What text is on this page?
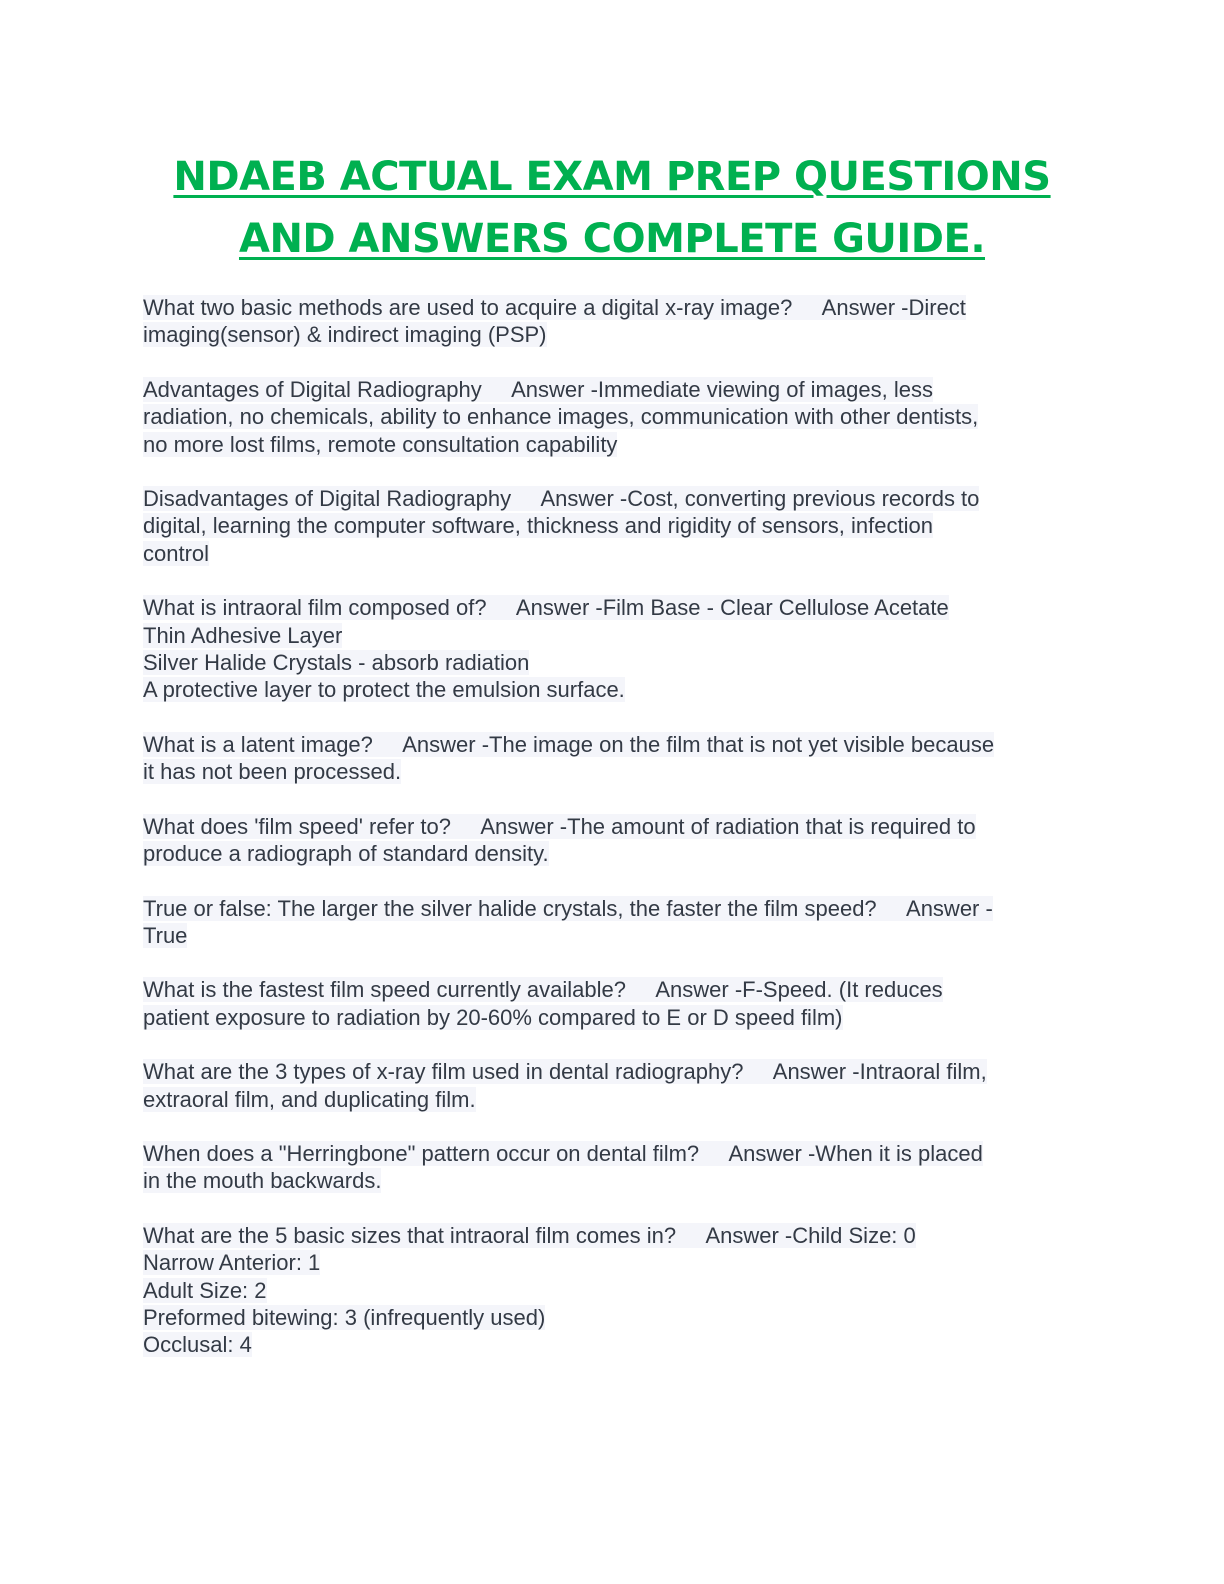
NDAEB ACTUAL EXAM PREP QUESTIONS
AND ANSWERS COMPLETE GUIDE.
What two basic methods are used to acquire a digital x-ray image?     Answer -Direct
imaging(sensor) & indirect imaging (PSP)
Advantages of Digital Radiography     Answer -Immediate viewing of images, less
radiation, no chemicals, ability to enhance images, communication with other dentists,
no more lost films, remote consultation capability
Disadvantages of Digital Radiography     Answer -Cost, converting previous records to
digital, learning the computer software, thickness and rigidity of sensors, infection
control
What is intraoral film composed of?     Answer -Film Base - Clear Cellulose Acetate
Thin Adhesive Layer
Silver Halide Crystals - absorb radiation
A protective layer to protect the emulsion surface.
What is a latent image?     Answer -The image on the film that is not yet visible because
it has not been processed.
What does 'film speed' refer to?     Answer -The amount of radiation that is required to
produce a radiograph of standard density.
True or false: The larger the silver halide crystals, the faster the film speed?     Answer -
True
What is the fastest film speed currently available?     Answer -F-Speed. (It reduces
patient exposure to radiation by 20-60% compared to E or D speed film)
What are the 3 types of x-ray film used in dental radiography?     Answer -Intraoral film,
extraoral film, and duplicating film.
When does a "Herringbone" pattern occur on dental film?     Answer -When it is placed
in the mouth backwards.
What are the 5 basic sizes that intraoral film comes in?     Answer -Child Size: 0
Narrow Anterior: 1
Adult Size: 2
Preformed bitewing: 3 (infrequently used)
Occlusal: 4
